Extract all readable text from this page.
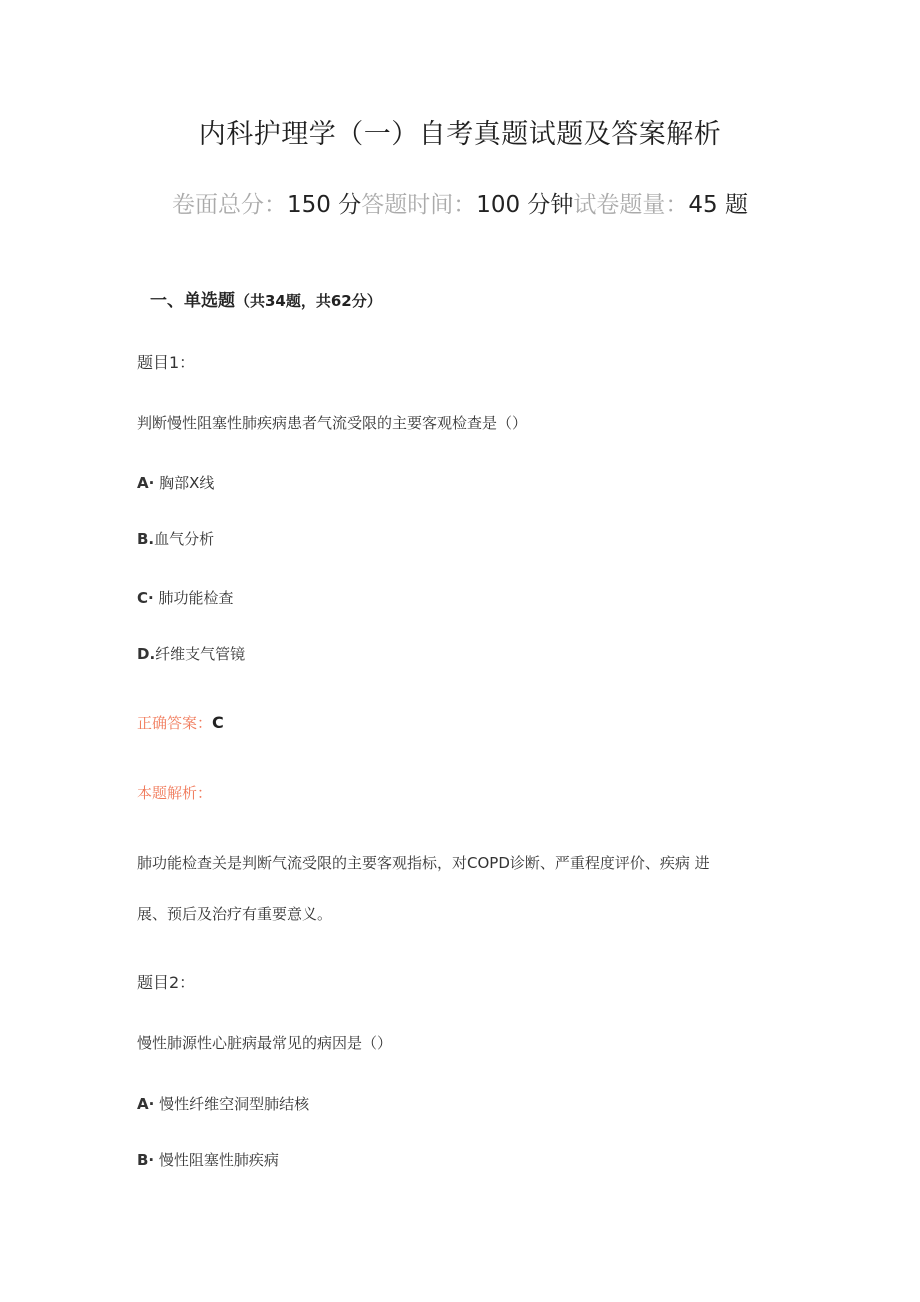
内科护理学（一）自考真题试题及答案解析
卷面总分：150 分答题时间：100 分钟试卷题量：45 题
一、单选题（共34题，共62分）
题目1：
判断慢性阻塞性肺疾病患者气流受限的主要客观检查是（）
A· 胸部X线
B.血气分析
C· 肺功能检查
D.纤维支气管镜
正确答案：C
本题解析：
肺功能检查关是判断气流受限的主要客观指标，对COPD诊断、严重程度评价、疾病 进
展、预后及治疗有重要意义。
题目2：
慢性肺源性心脏病最常见的病因是（）
A· 慢性纤维空洞型肺结核
B· 慢性阻塞性肺疾病
